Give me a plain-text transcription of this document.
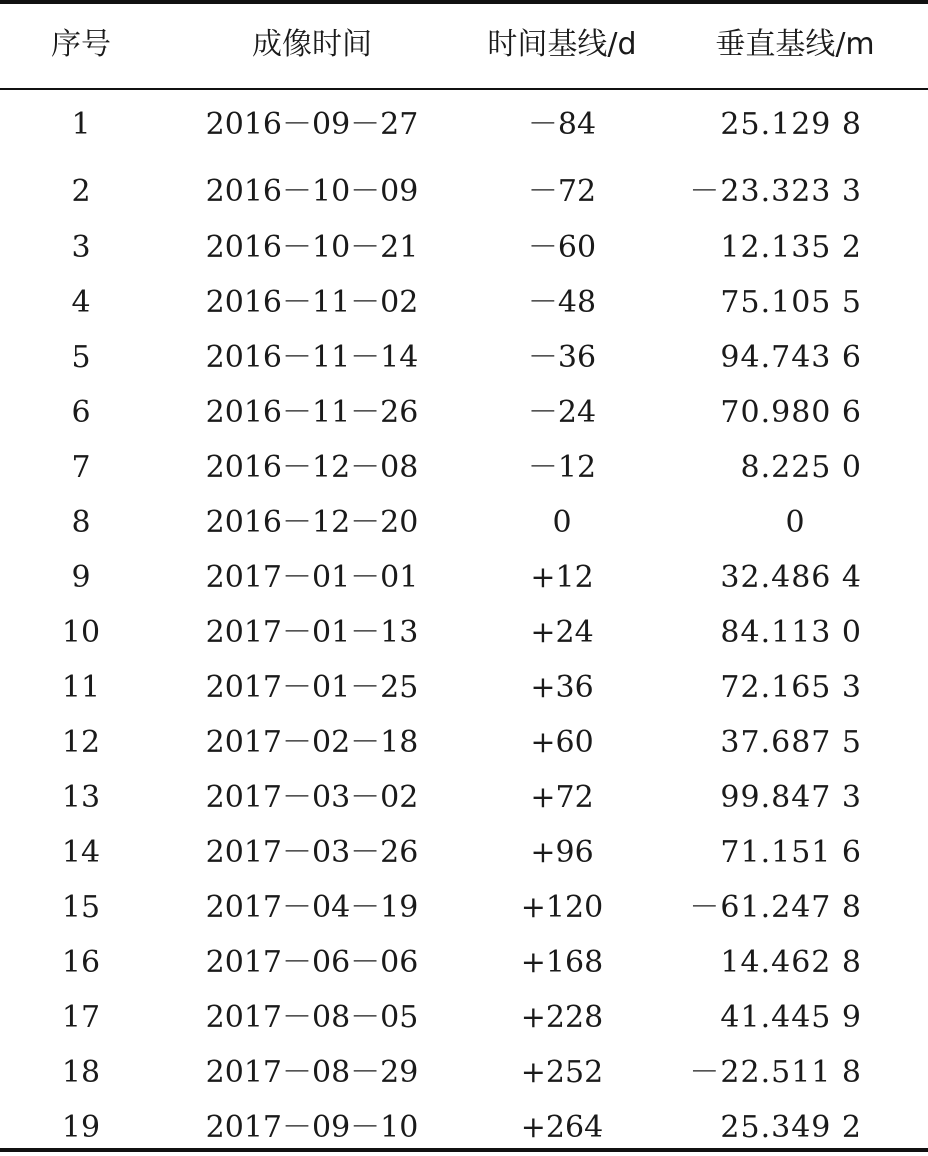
序号	成像时间	时间基线/d	垂直基线/m
1	2016－09－27	－84	25.129 8
2	2016－10－09	－72	－23.323 3
3	2016－10－21	－60	12.135 2
4	2016－11－02	－48	75.105 5
5	2016－11－14	－36	94.743 6
6	2016－11－26	－24	70.980 6
7	2016－12－08	－12	8.225 0
8	2016－12－20	0	0
9	2017－01－01	+12	32.486 4
10	2017－01－13	+24	84.113 0
11	2017－01－25	+36	72.165 3
12	2017－02－18	+60	37.687 5
13	2017－03－02	+72	99.847 3
14	2017－03－26	+96	71.151 6
15	2017－04－19	+120	－61.247 8
16	2017－06－06	+168	14.462 8
17	2017－08－05	+228	41.445 9
18	2017－08－29	+252	－22.511 8
19	2017－09－10	+264	25.349 2
